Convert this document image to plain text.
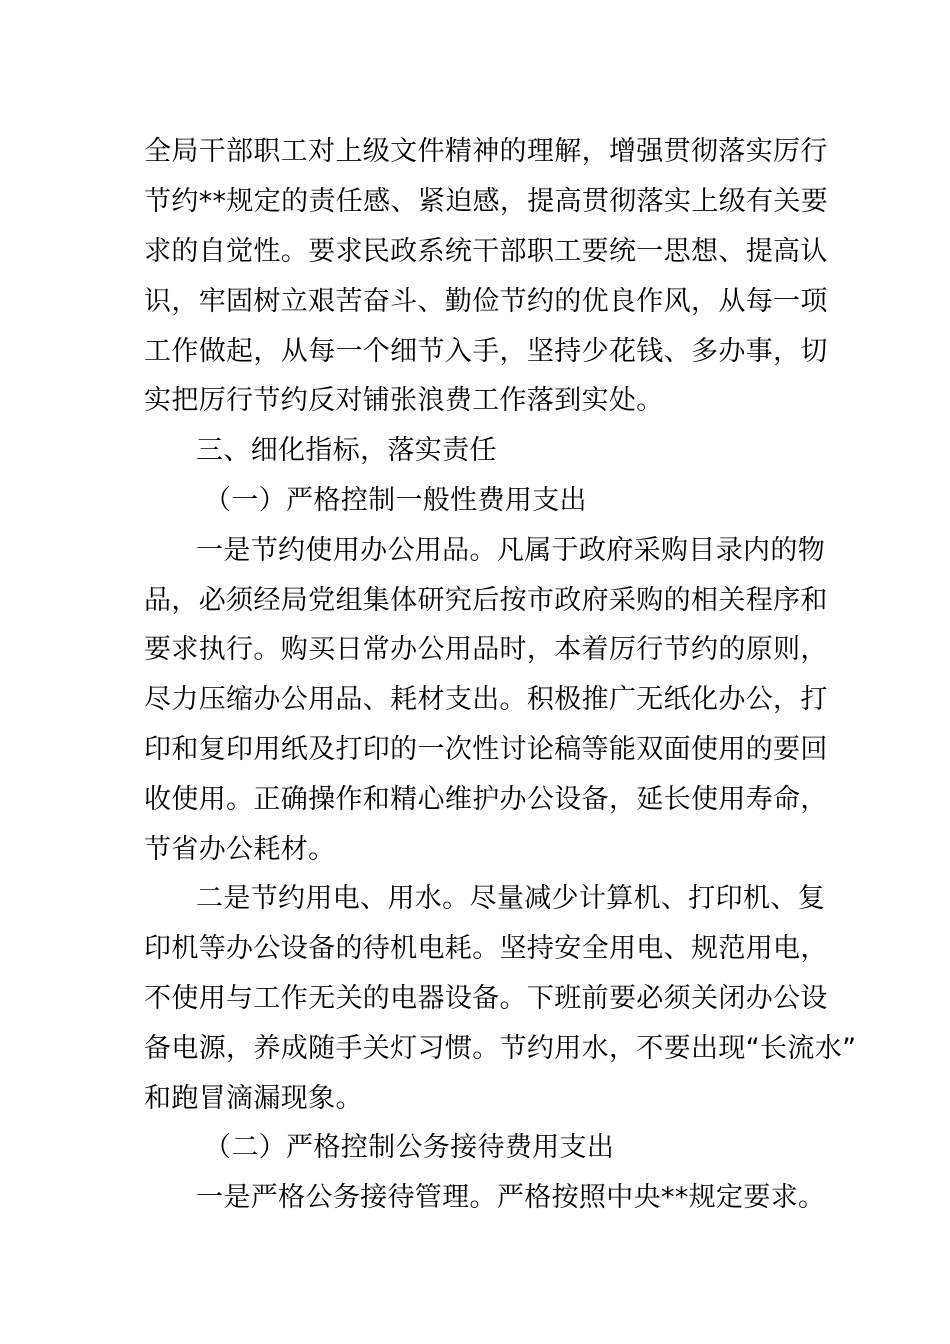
全局干部职工对上级文件精神的理解，增强贯彻落实厉行
节约**规定的责任感、紧迫感，提高贯彻落实上级有关要
求的自觉性。要求民政系统干部职工要统一思想、提高认
识，牢固树立艰苦奋斗、勤俭节约的优良作风，从每一项
工作做起，从每一个细节入手，坚持少花钱、多办事，切
实把厉行节约反对铺张浪费工作落到实处。
三、细化指标，落实责任
（一）严格控制一般性费用支出
一是节约使用办公用品。凡属于政府采购目录内的物
品，必须经局党组集体研究后按市政府采购的相关程序和
要求执行。购买日常办公用品时，本着厉行节约的原则，
尽力压缩办公用品、耗材支出。积极推广无纸化办公，打
印和复印用纸及打印的一次性讨论稿等能双面使用的要回
收使用。正确操作和精心维护办公设备，延长使用寿命，
节省办公耗材。
二是节约用电、用水。尽量减少计算机、打印机、复
印机等办公设备的待机电耗。坚持安全用电、规范用电，
不使用与工作无关的电器设备。下班前要必须关闭办公设
备电源，养成随手关灯习惯。节约用水，不要出现“长流水”
和跑冒滴漏现象。
（二）严格控制公务接待费用支出
一是严格公务接待管理。严格按照中央**规定要求。
